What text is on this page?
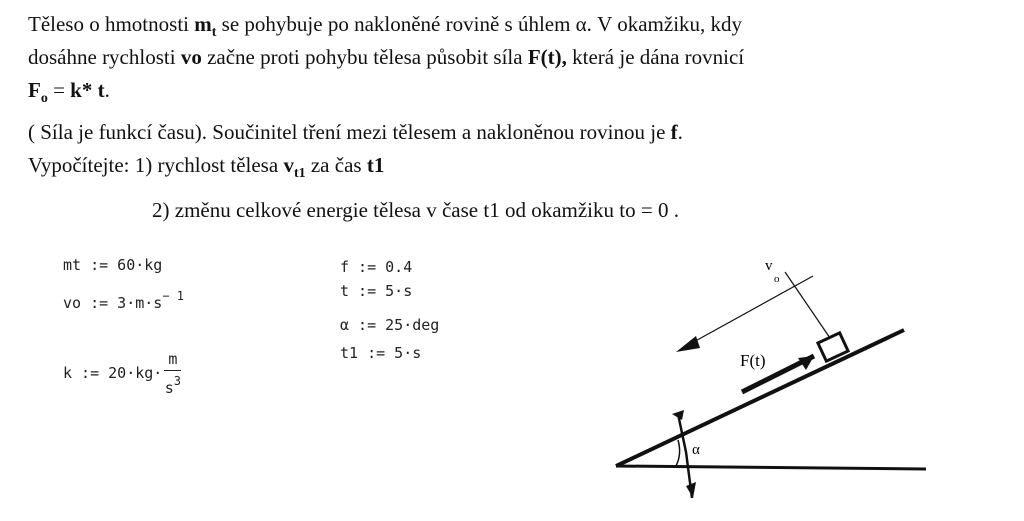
Těleso o hmotnosti $m_t$ se pohybuje po nakloněné rovině s úhlem α. V okamžiku, kdy
dosáhne rychlosti vo začne proti pohybu tělesa působit síla F(t), která je dána rovnicí
$F_o = k*$ t.
( Síla je funkcí času). Součinitel tření mezi tělesem a nakloněnou rovinou je f.
Vypočítejte: 1) rychlost tělesa $v_{t1}$ za čas t1
2) změnu celkové energie tělesa v čase t1 od okamžiku to = 0 .
mt := 60·kg
vo := $3\cdot m\cdot s^{- 1}$
k := $20\cdot kg\cdot \frac{m}{s^3}$
f := 0.4
t := 5·s
α := 25·deg
t1 := 5·s
α
F(t)
v
o
